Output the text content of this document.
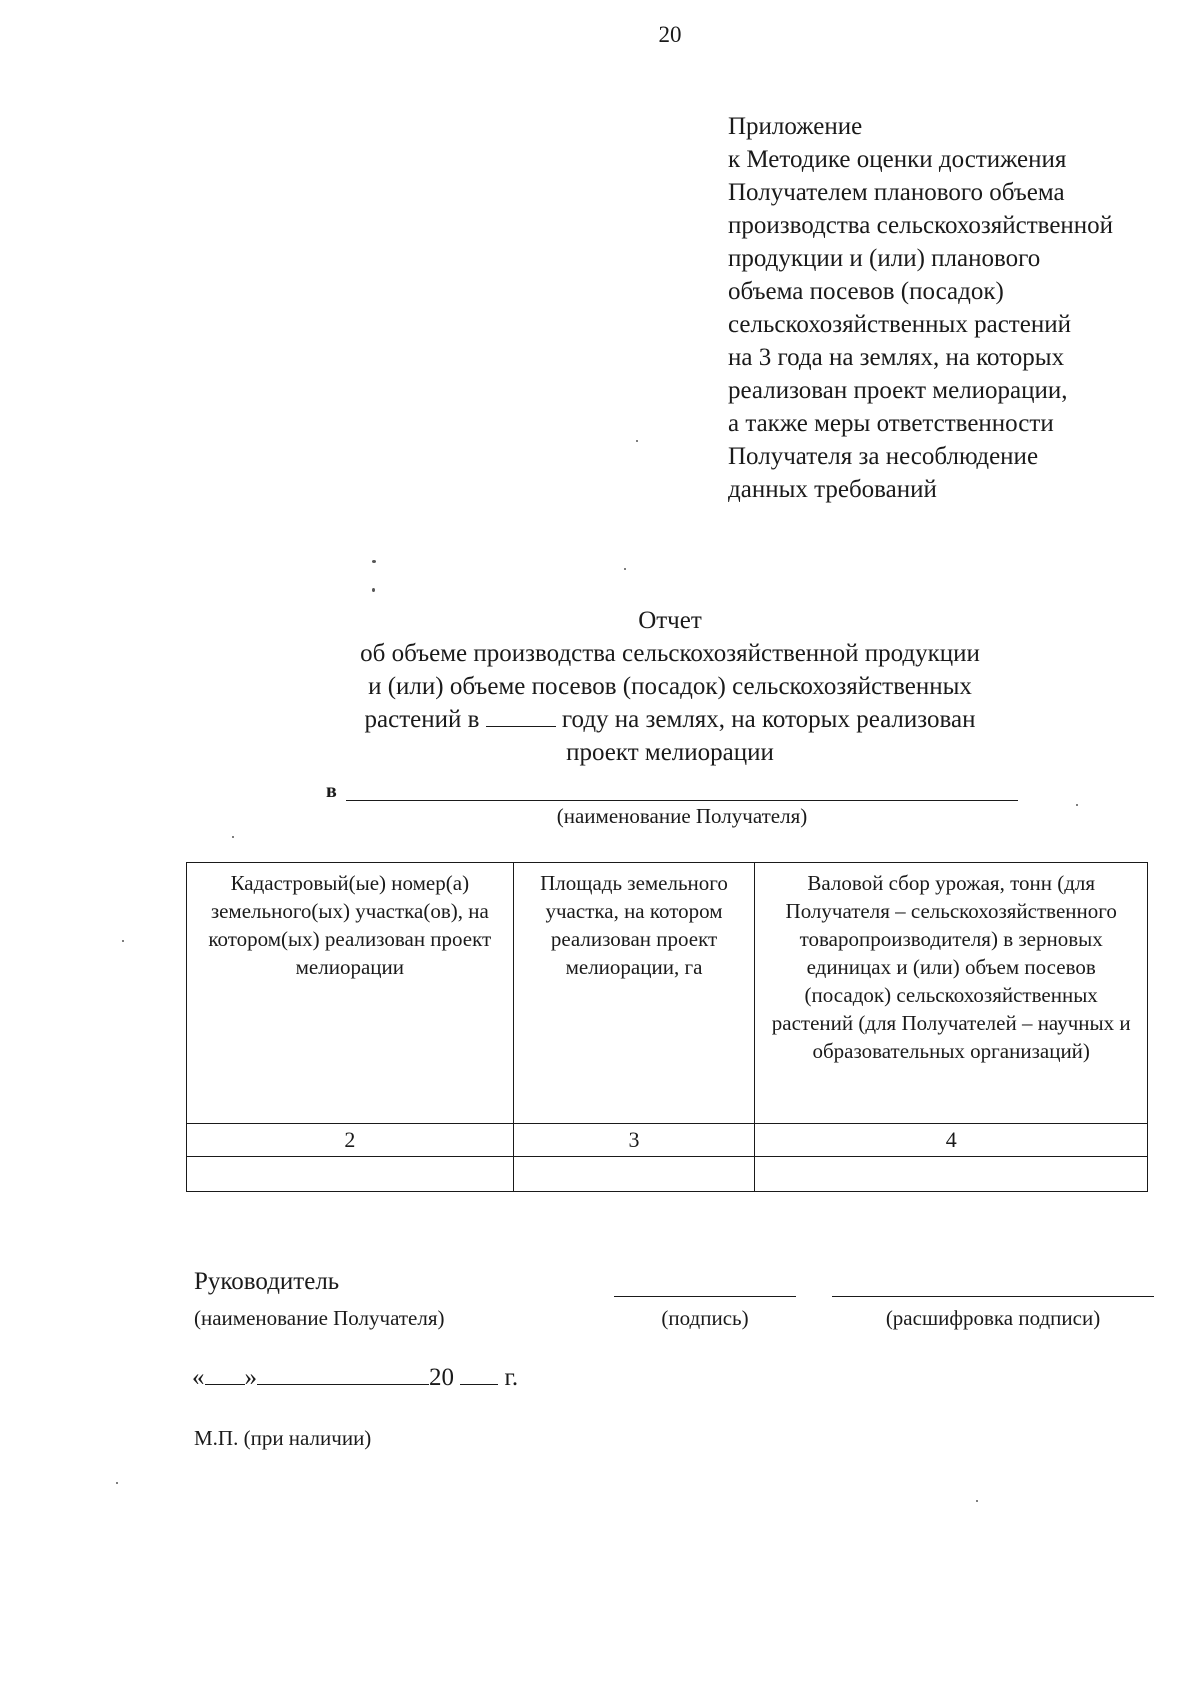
20
Приложение
к Методике оценки достижения
Получателем планового объема
производства сельскохозяйственной
продукции и (или) планового
объема посевов (посадок)
сельскохозяйственных растений
на 3 года на землях, на которых
реализован проект мелиорации,
а также меры ответственности
Получателя за несоблюдение
данных требований
Отчет
об объеме производства сельскохозяйственной продукции
и (или) объеме посевов (посадок) сельскохозяйственных
растений в	году на землях, на которых реализован
проект мелиорации
в
(наименование Получателя)
Кадастровый(ые) номер(а) земельного(ых) участка(ов), на котором(ых) реализован проект мелиорации	Площадь земельного участка, на котором реализован проект мелиорации, га	Валовой сбор урожая, тонн (для Получателя – сельскохозяйственного товаропроизводителя) в зерновых единицах и (или) объем посевов (посадок) сельскохозяйственных растений (для Получателей – научных и образовательных организаций)
2	3	4

Руководитель
(наименование Получателя)	(подпись)	(расшифровка подписи)
« »	20 г.
М.П. (при наличии)
